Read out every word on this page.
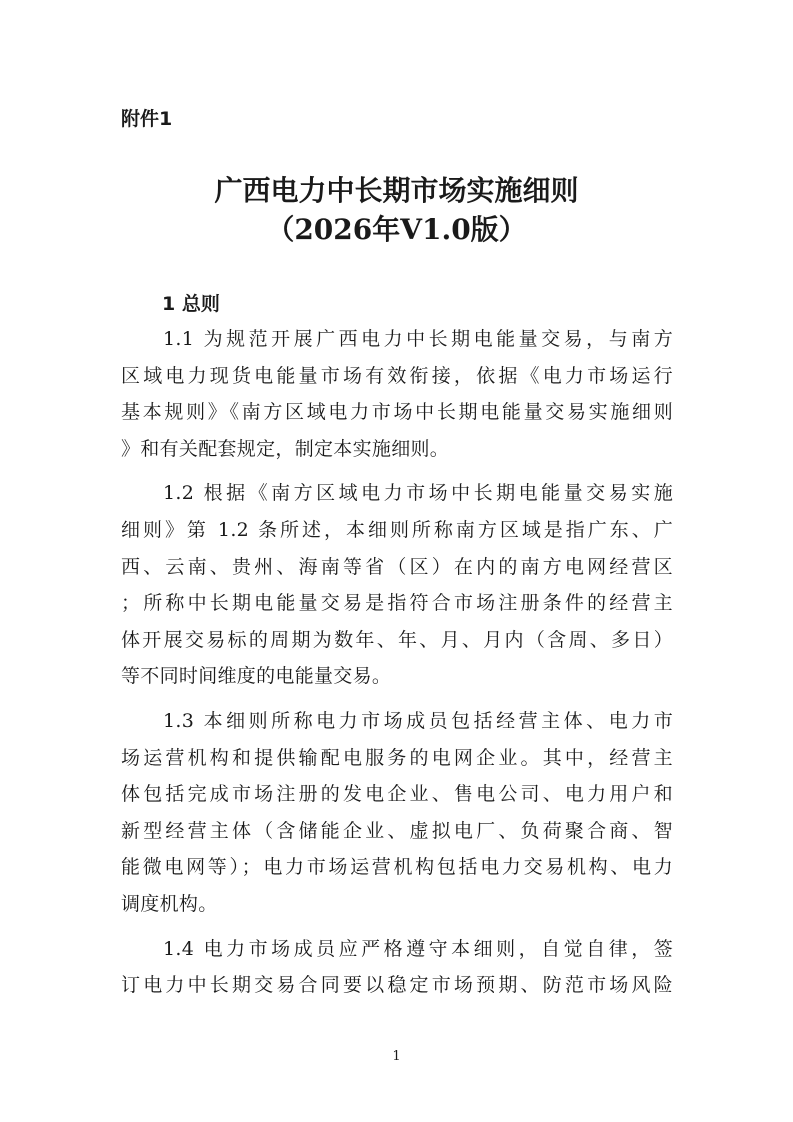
附件1

广西电力中长期市场实施细则
（2026年V1.0版）
1 总则

1.1 为规范开展广西电力中长期电能量交易，与南方
区域电力现货电能量市场有效衔接，依据《电力市场运行
基本规则》《南方区域电力市场中长期电能量交易实施细则
》和有关配套规定，制定本实施细则。

1.2 根据《南方区域电力市场中长期电能量交易实施
细则》第 1.2 条所述，本细则所称南方区域是指广东、广
西、云南、贵州、海南等省（区）在内的南方电网经营区
；所称中长期电能量交易是指符合市场注册条件的经营主
体开展交易标的周期为数年、年、月、月内（含周、多日）
等不同时间维度的电能量交易。

1.3 本细则所称电力市场成员包括经营主体、电力市
场运营机构和提供输配电服务的电网企业。其中，经营主
体包括完成市场注册的发电企业、售电公司、电力用户和
新型经营主体（含储能企业、虚拟电厂、负荷聚合商、智
能微电网等）；电力市场运营机构包括电力交易机构、电力
调度机构。

1.4 电力市场成员应严格遵守本细则，自觉自律，签
订电力中长期交易合同要以稳定市场预期、防范市场风险

1
